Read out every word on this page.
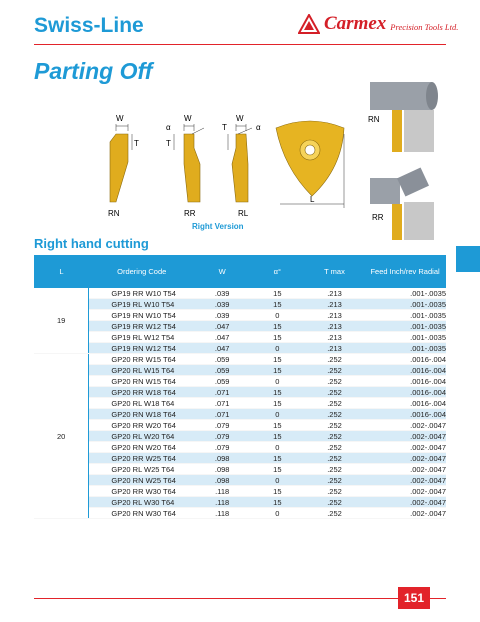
Swiss-Line	Carmex Precision Tools Ltd.
Parting Off
W
T
W
α
T
W
T	α
L
RN	RR	RL
Right Version
RN
RR
Right hand cutting
L	Ordering Code	W	α°	T max	Feed Inch/rev Radial
19	GP19 RR W10 T54	.039	15	.213	.001-.0035
	GP19 RL W10 T54	.039	15	.213	.001-.0035
	GP19 RN W10 T54	.039	0	.213	.001-.0035
	GP19 RR W12 T54	.047	15	.213	.001-.0035
	GP19 RL W12 T54	.047	15	.213	.001-.0035
	GP19 RN W12 T54	.047	0	.213	.001-.0035
20	GP20 RR W15 T64	.059	15	.252	.0016-.004
	GP20 RL W15 T64	.059	15	.252	.0016-.004
	GP20 RN W15 T64	.059	0	.252	.0016-.004
	GP20 RR W18 T64	.071	15	.252	.0016-.004
	GP20 RL W18 T64	.071	15	.252	.0016-.004
	GP20 RN W18 T64	.071	0	.252	.0016-.004
	GP20 RR W20 T64	.079	15	.252	.002-.0047
	GP20 RL W20 T64	.079	15	.252	.002-.0047
	GP20 RN W20 T64	.079	0	.252	.002-.0047
	GP20 RR W25 T64	.098	15	.252	.002-.0047
	GP20 RL W25 T64	.098	15	.252	.002-.0047
	GP20 RN W25 T64	.098	0	.252	.002-.0047
	GP20 RR W30 T64	.118	15	.252	.002-.0047
	GP20 RL W30 T64	.118	15	.252	.002-.0047
	GP20 RN W30 T64	.118	0	.252	.002-.0047
151
